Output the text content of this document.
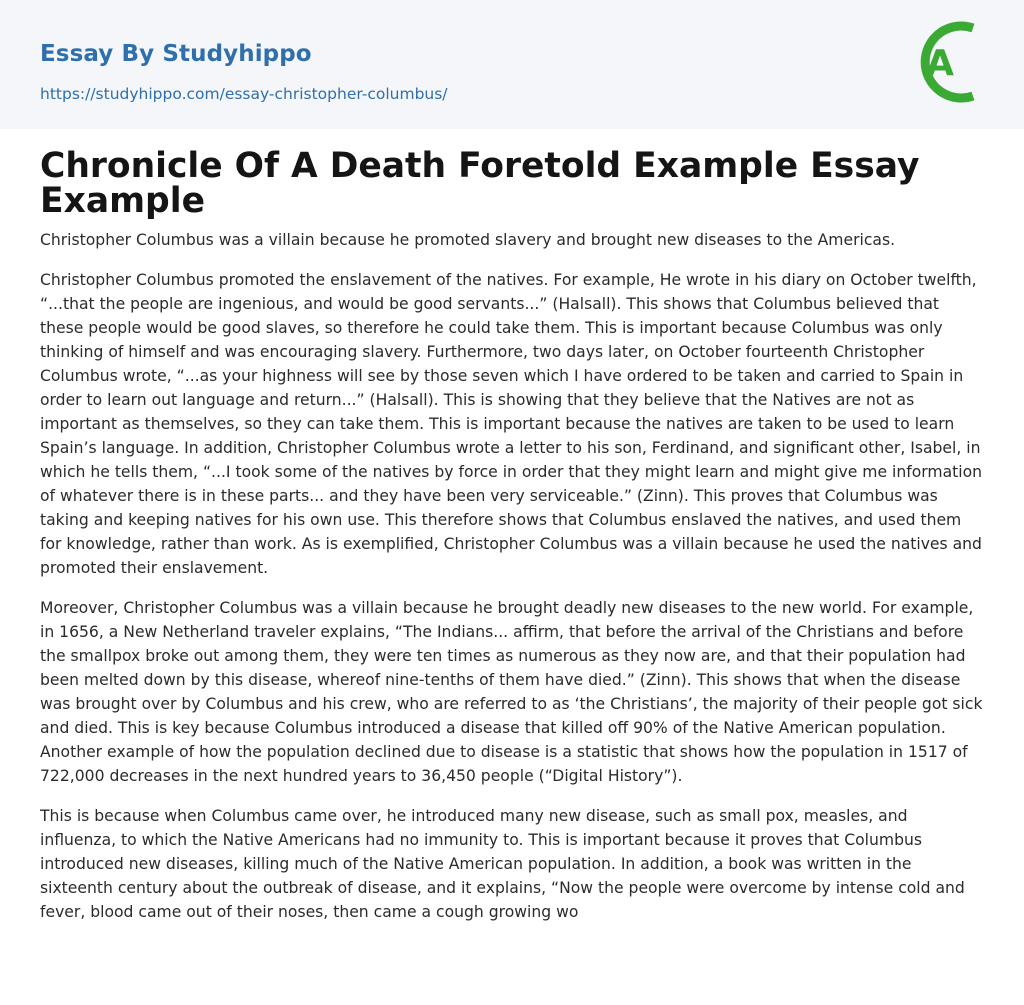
Essay By Studyhippo
https://studyhippo.com/essay-christopher-columbus/
A
Chronicle Of A Death Foretold Example Essay Example

Christopher Columbus was a villain because he promoted slavery and brought new diseases to the Americas.

Christopher Columbus promoted the enslavement of the natives. For example, He wrote in his diary on October twelfth, “...that the people are ingenious, and would be good servants...” (Halsall). This shows that Columbus believed that these people would be good slaves, so therefore he could take them. This is important because Columbus was only thinking of himself and was encouraging slavery. Furthermore, two days later, on October fourteenth Christopher Columbus wrote, “...as your highness will see by those seven which I have ordered to be taken and carried to Spain in order to learn out language and return...” (Halsall). This is showing that they believe that the Natives are not as important as themselves, so they can take them. This is important because the natives are taken to be used to learn Spain’s language. In addition, Christopher Columbus wrote a letter to his son, Ferdinand, and significant other, Isabel, in which he tells them, “...I took some of the natives by force in order that they might learn and might give me information of whatever there is in these parts... and they have been very serviceable.” (Zinn). This proves that Columbus was taking and keeping natives for his own use. This therefore shows that Columbus enslaved the natives, and used them for knowledge, rather than work. As is exemplified, Christopher Columbus was a villain because he used the natives and promoted their enslavement.

Moreover, Christopher Columbus was a villain because he brought deadly new diseases to the new world. For example, in 1656, a New Netherland traveler explains, “The Indians... affirm, that before the arrival of the Christians and before the smallpox broke out among them, they were ten times as numerous as they now are, and that their population had been melted down by this disease, whereof nine-tenths of them have died.” (Zinn). This shows that when the disease was brought over by Columbus and his crew, who are referred to as ‘the Christians’, the majority of their people got sick and died. This is key because Columbus introduced a disease that killed off 90% of the Native American population. Another example of how the population declined due to disease is a statistic that shows how the population in 1517 of 722,000 decreases in the next hundred years to 36,450 people (“Digital History”).

This is because when Columbus came over, he introduced many new disease, such as small pox, measles, and influenza, to which the Native Americans had no immunity to. This is important because it proves that Columbus introduced new diseases, killing much of the Native American population. In addition, a book was written in the sixteenth century about the outbreak of disease, and it explains, “Now the people were overcome by intense cold and fever, blood came out of their noses, then came a cough growing wo
